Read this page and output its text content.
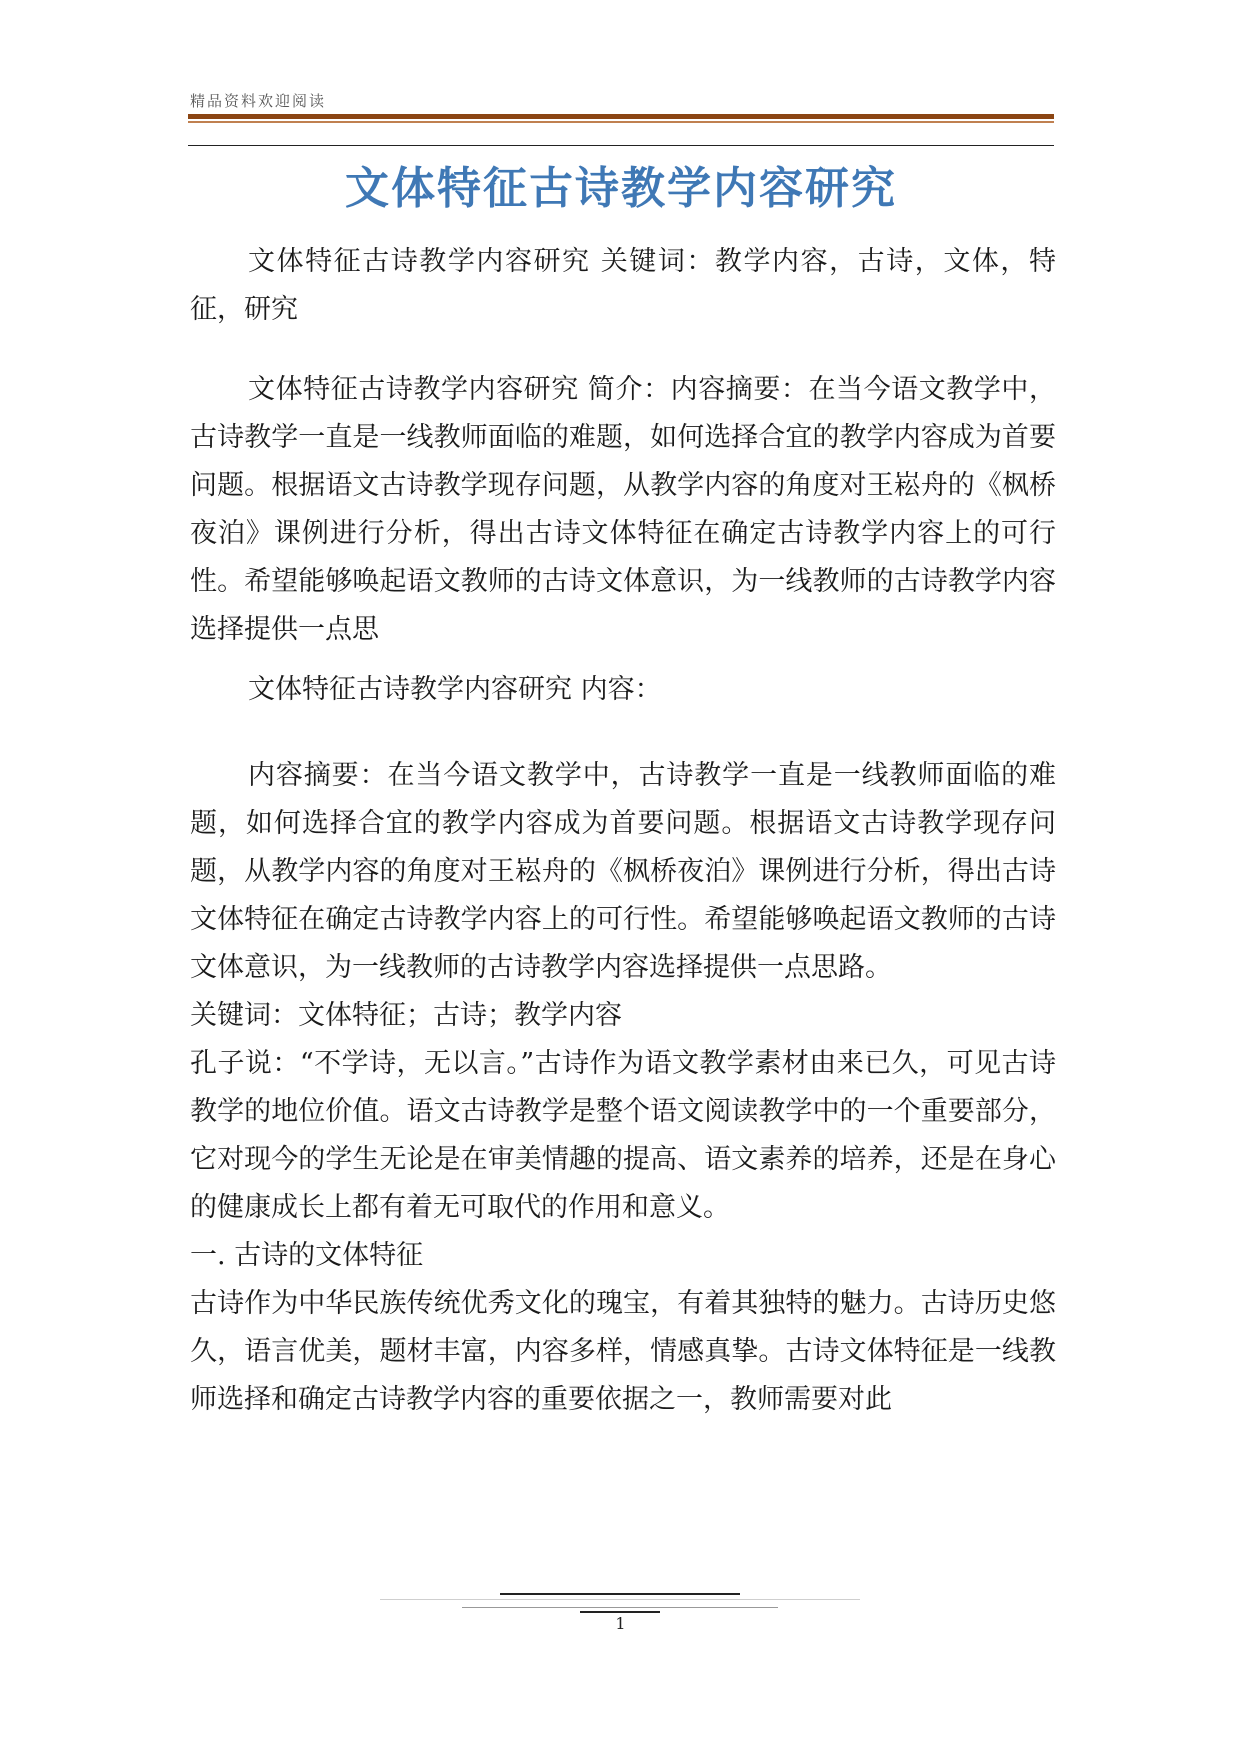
精品资料欢迎阅读
文体特征古诗教学内容研究

文体特征古诗教学内容研究 关键词：教学内容，古诗，文体，特征，研究

文体特征古诗教学内容研究 简介：内容摘要：在当今语文教学中，古诗教学一直是一线教师面临的难题，如何选择合宜的教学内容成为首要问题。根据语文古诗教学现存问题，从教学内容的角度对王崧舟的《枫桥夜泊》课例进行分析，得出古诗文体特征在确定古诗教学内容上的可行性。希望能够唤起语文教师的古诗文体意识，为一线教师的古诗教学内容选择提供一点思

文体特征古诗教学内容研究 内容：

内容摘要：在当今语文教学中，古诗教学一直是一线教师面临的难题，如何选择合宜的教学内容成为首要问题。根据语文古诗教学现存问题，从教学内容的角度对王崧舟的《枫桥夜泊》课例进行分析，得出古诗文体特征在确定古诗教学内容上的可行性。希望能够唤起语文教师的古诗文体意识，为一线教师的古诗教学内容选择提供一点思路。

关键词：文体特征；古诗；教学内容

孔子说：“不学诗，无以言。”古诗作为语文教学素材由来已久，可见古诗教学的地位价值。语文古诗教学是整个语文阅读教学中的一个重要部分，它对现今的学生无论是在审美情趣的提高、语文素养的培养，还是在身心的健康成长上都有着无可取代的作用和意义。

一. 古诗的文体特征

古诗作为中华民族传统优秀文化的瑰宝，有着其独特的魅力。古诗历史悠久，语言优美，题材丰富，内容多样，情感真挚。古诗文体特征是一线教师选择和确定古诗教学内容的重要依据之一，教师需要对此

1
